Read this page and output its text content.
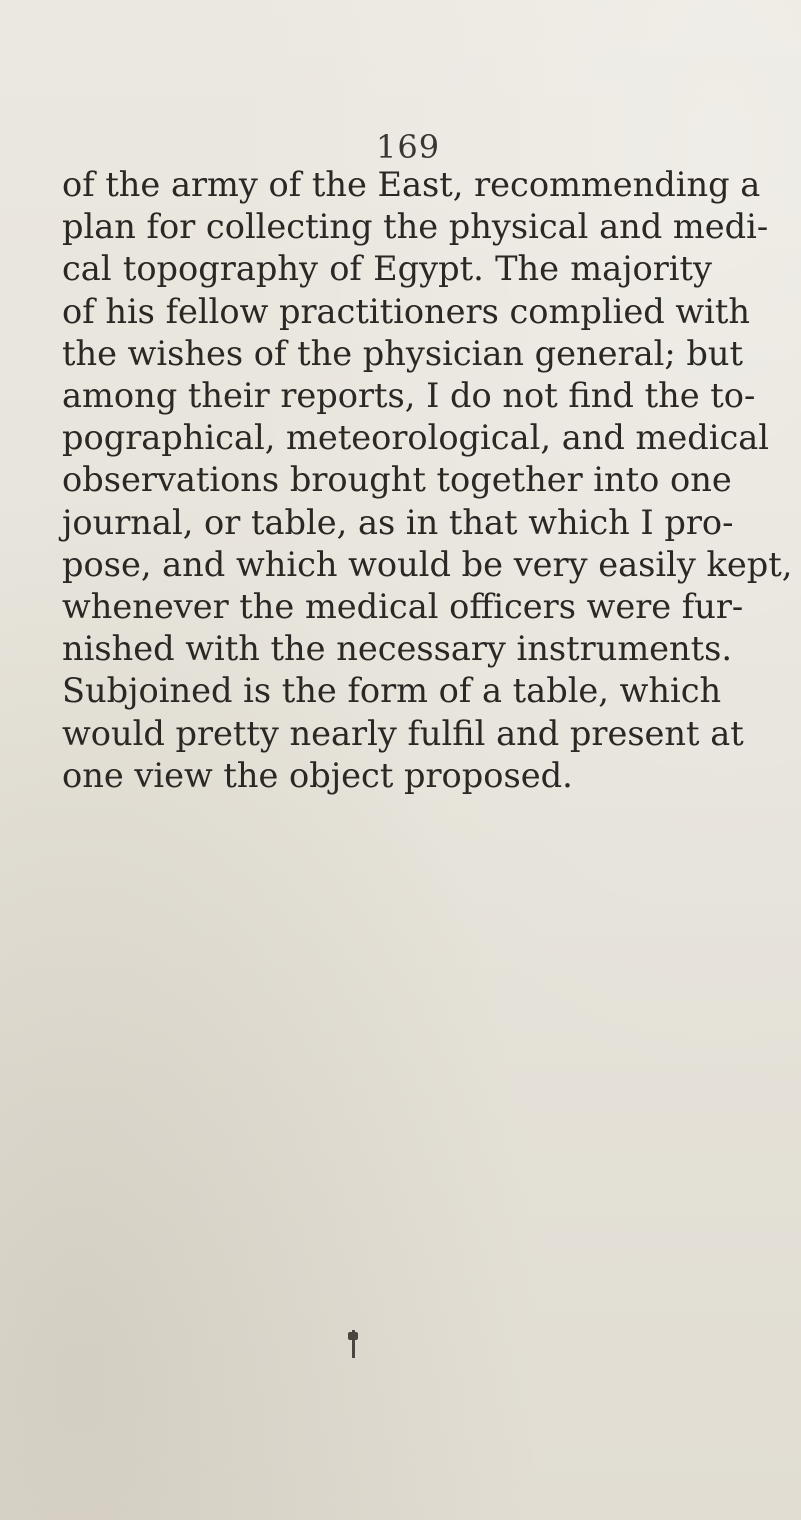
169
of the army of the East, recommending a
plan for collecting the physical and medi-
cal topography of Egypt. The majority
of his fellow practitioners complied with
the wishes of the physician general; but
among their reports, I do not find the to-
pographical, meteorological, and medical
observations brought together into one
journal, or table, as in that which I pro-
pose, and which would be very easily kept,
whenever the medical officers were fur-
nished with the necessary instruments.
Subjoined is the form of a table, which
would pretty nearly fulfil and present at
one view the object proposed.
